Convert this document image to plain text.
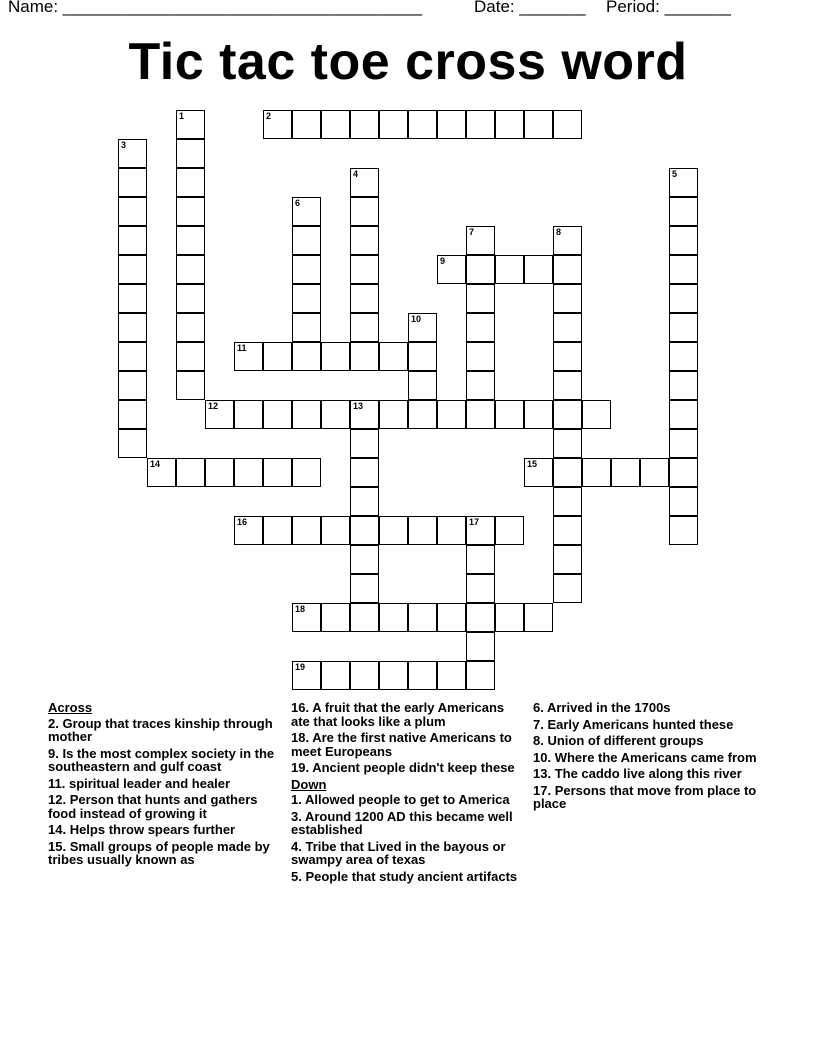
Name: ______________________________________	Date: _______ Period: _______
Tic tac toe cross word
1	2
3
4	5
6
7	8
9
10
11
12	13
14	15
16	17
18
19
Across
2. Group that traces kinship through mother
9. Is the most complex society in the southeastern and gulf coast
11. spiritual leader and healer
12. Person that hunts and gathers food instead of growing it
14. Helps throw spears further
15. Small groups of people made by tribes usually known as
16. A fruit that the early Americans ate that looks like a plum
18. Are the first native Americans to meet Europeans
19. Ancient people didn't keep these
Down
1. Allowed people to get to America
3. Around 1200 AD this became well established
4. Tribe that Lived in the bayous or swampy area of texas
5. People that study ancient artifacts
6. Arrived in the 1700s
7. Early Americans hunted these
8. Union of different groups
10. Where the Americans came from
13. The caddo live along this river
17. Persons that move from place to place
